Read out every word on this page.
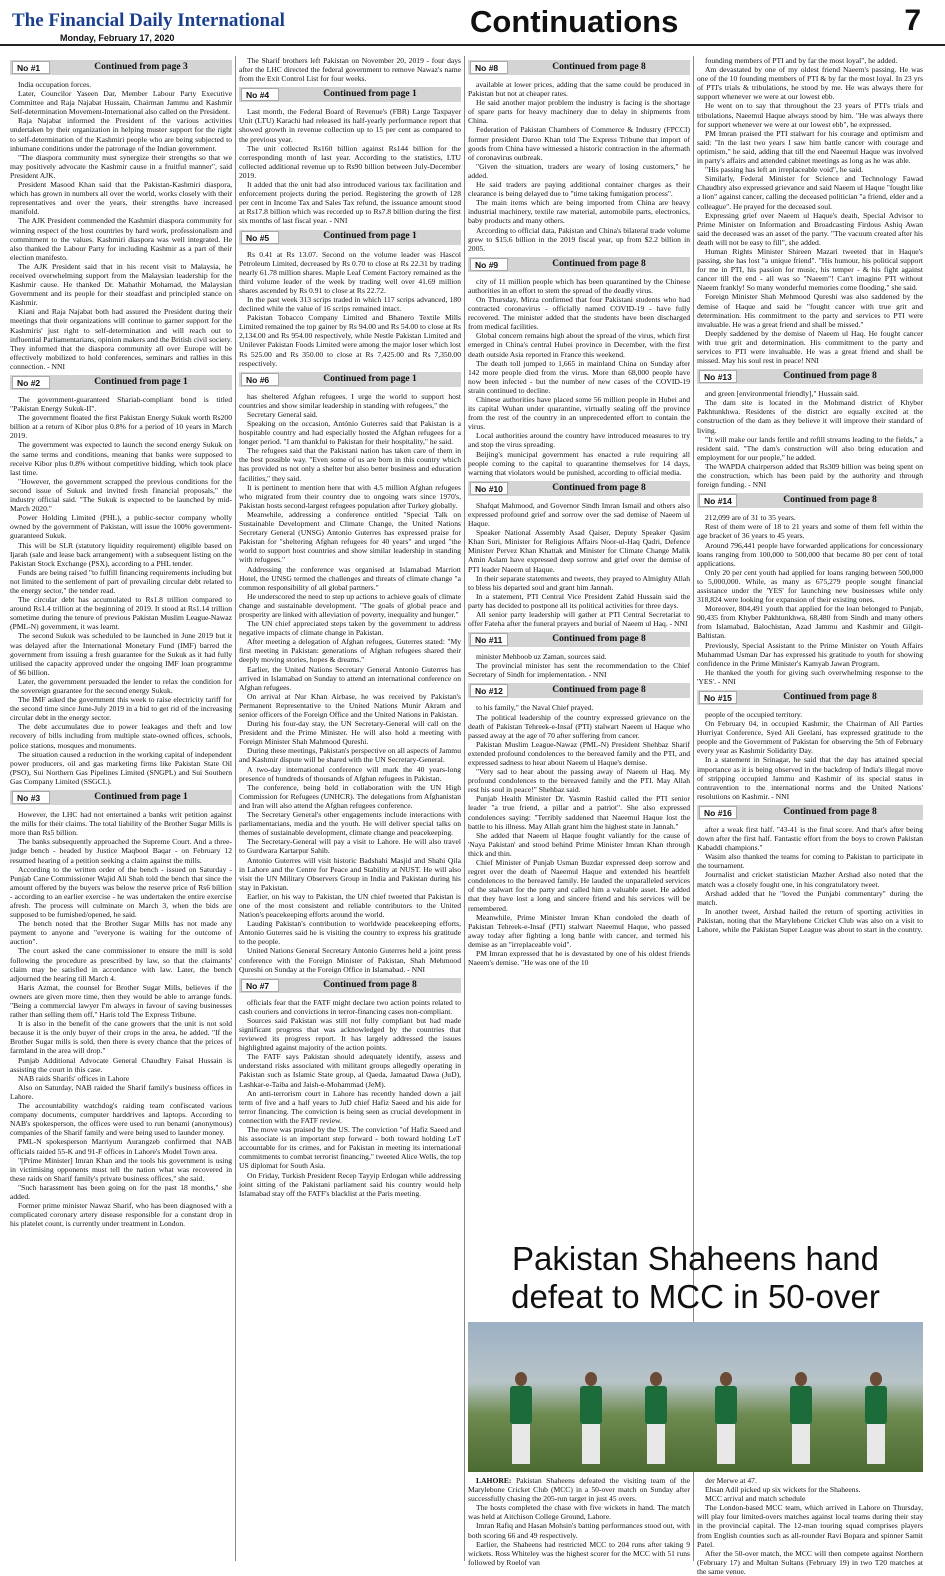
The Financial Daily International
Monday, February 17, 2020	Continuations	7
No #1	Continued from page 3

India occupation forces.

Later, Councilor Yaseen Dar, Member Labour Party Executive Committee and Raja Najabat Hussain, Chairman Jammu and Kashmir Self-determination Movement-International also called on the President.

Raja Najabat informed the President of the various activities undertaken by their organization in helping muster support for the right to self-determination of the Kashmiri people who are being subjected to inhumane conditions under the patronage of the Indian government.

"The diaspora community must synergize their strengths so that we may positively advocate the Kashmir cause in a fruitful manner", said President AJK.

President Masood Khan said that the Pakistan-Kashmiri diaspora, which has grown in numbers all over the world, works closely with their representatives and over the years, their strengths have increased manifold.

The AJK President commended the Kashmiri diaspora community for winning respect of the host countries by hard work, professionalism and commitment to the values. Kashmiri diaspora was well integrated. He also thanked the Labour Party for including Kashmir as a part of their election manifesto.

The AJK President said that in his recent visit to Malaysia, he received overwhelming support from the Malaysian leadership for the Kashmir cause. He thanked Dr. Mahathir Mohamad, the Malaysian Government and its people for their steadfast and principled stance on Kashmir.

Kiani and Raja Najabat both had assured the President during their meetings that their organizations will continue to garner support for the Kashmiris' just right to self-determination and will reach out to influential Parliamentarians, opinion makers and the British civil society. They informed that the diaspora community all over Europe will be effectively mobilized to hold conferences, seminars and rallies in this connection. - NNI

No #2	Continued from page 1

The government-guaranteed Shariah-compliant bond is titled "Pakistan Energy Sukuk-II".

The government floated the first Pakistan Energy Sukuk worth Rs200 billion at a return of Kibor plus 0.8% for a period of 10 years in March 2019.

The government was expected to launch the second energy Sukuk on the same terms and conditions, meaning that banks were supposed to receive Kibor plus 0.8% without competitive bidding, which took place last time.

"However, the government scrapped the previous conditions for the second issue of Sukuk and invited fresh financial proposals," the industry official said. "The Sukuk is expected to be launched by mid-March 2020."

Power Holding Limited (PHL), a public-sector company wholly owned by the government of Pakistan, will issue the 100% government-guaranteed Sukuk.

This will be SLR (statutory liquidity requirement) eligible based on Ijarah (sale and lease back arrangement) with a subsequent listing on the Pakistan Stock Exchange (PSX), according to a PHL tender.

Funds are being raised "to fulfill financing requirements including but not limited to the settlement of part of prevailing circular debt related to the energy sector," the tender read.

The circular debt has accumulated to Rs1.8 trillion compared to around Rs1.4 trillion at the beginning of 2019. It stood at Rs1.14 trillion sometime during the tenure of previous Pakistan Muslim League-Nawaz (PML-N) government, it was learnt.

The second Sukuk was scheduled to be launched in June 2019 but it was delayed after the International Monetary Fund (IMF) barred the government from issuing a fresh guarantee for the Sukuk as it had fully utilised the capacity approved under the ongoing IMF loan programme of $6 billion.

Later, the government persuaded the lender to relax the condition for the sovereign guarantee for the second energy Sukuk.

The IMF asked the government this week to raise electricity tariff for the second time since June-July 2019 in a bid to get rid of the increasing circular debt in the energy sector.

The debt accumulates due to power leakages and theft and low recovery of bills including from multiple state-owned offices, schools, police stations, mosques and monuments.

The situation caused a reduction in the working capital of independent power producers, oil and gas marketing firms like Pakistan State Oil (PSO), Sui Northern Gas Pipelines Limited (SNGPL) and Sui Southern Gas Company Limited (SSGCL).

No #3	Continued from page 1

However, the LHC had not entertained a banks writ petition against the mills for their claims. The total liability of the Brother Sugar Mills is more than Rs5 billion.

The banks subsequently approached the Supreme Court. And a three-judge bench - headed by Justice Maqbool Baqar - on February 12 resumed hearing of a petition seeking a claim against the mills.

According to the written order of the bench - issued on Saturday - Punjab Cane Commissioner Wajid Ali Shah told the bench that since the amount offered by the buyers was below the reserve price of Rs6 billion - according to an earlier exercise - he was undertaken the entire exercise afresh. The process will culminate on March 3, when the bids are supposed to be furnished/opened, he said.

The bench noted that the Brother Sugar Mills has not made any payment to anyone and "everyone is waiting for the outcome of auction".

The court asked the cane commissioner to ensure the mill is sold following the procedure as prescribed by law, so that the claimants' claim may be satisfied in accordance with law. Later, the bench adjourned the hearing till March 4.

Haris Azmat, the counsel for Brother Sugar Mills, believes if the owners are given more time, then they would be able to arrange funds. "Being a commercial lawyer I'm always in favour of saving businesses rather than selling them off," Haris told The Express Tribune.

It is also in the benefit of the cane growers that the unit is not sold because it is the only buyer of their crops in the area, he added. "If the Brother Sugar mills is sold, then there is every chance that the prices of farmland in the area will drop."

Punjab Additional Advocate General Chaudhry Faisal Hussain is assisting the court in this case.

NAB raids Sharifs' offices in Lahore

Also on Saturday, NAB raided the Sharif family's business offices in Lahore.

The accountability watchdog's raiding team confiscated various company documents, computer harddrives and laptops. According to NAB's spokesperson, the offices were used to run benami (anonymous) companies of the Sharif family and were being used to launder money.

PML-N spokesperson Marriyum Aurangzeb confirmed that NAB officials raided 55-K and 91-F offices in Lahore's Model Town area.

"[Prime Minister] Imran Khan and the tools his government is using in victimising opponents must tell the nation what was recovered in these raids on Sharif family's private business offices," she said.

"Such harassment has been going on for the past 18 months," she added.

Former prime minister Nawaz Sharif, who has been diagnosed with a complicated coronary artery disease responsible for a constant drop in his platelet count, is currently under treatment in London.

The Sharif brothers left Pakistan on November 20, 2019 - four days after the LHC directed the federal government to remove Nawaz's name from the Exit Control List for four weeks.

No #4	Continued from page 1

Last month, the Federal Board of Revenue's (FBR) Large Taxpayer Unit (LTU) Karachi had released its half-yearly performance report that showed growth in revenue collection up to 15 per cent as compared to the previous year.

The unit collected Rs160 billion against Rs144 billion for the corresponding month of last year. According to the statistics, LTU collected additional revenue up to Rs90 billion between July-December 2019.

It added that the unit had also introduced various tax facilitation and enforcement projects during the period. Registering the growth of 128 per cent in Income Tax and Sales Tax refund, the issuance amount stood at Rs17.8 billion which was recorded up to Rs7.8 billion during the first six months of last fiscal year. - NNI

No #5	Continued from page 1

Rs 0.41 at Rs 13.07. Second on the volume leader was Hascol Petroleum Limited, decreased by Rs 0.70 to close at Rs 22.31 by trading nearly 61.78 million shares. Maple Leaf Cement Factory remained as the third volume leader of the week by trading well over 41.69 million shares ascended by Rs 0.91 to close at Rs 22.72.

In the past week 313 scrips traded in which 117 scrips advanced, 180 declined while the value of 16 scrips remained intact.

Pakistan Tobacco Company Limited and Bhanero Textile Mills Limited remained the top gainer by Rs 94.00 and Rs 54.00 to close at Rs 2,134.00 and Rs 954.00 respectively, while Nestle Pakistan Limited and Unilever Pakistan Foods Limited were among the major loser which lost Rs 525.00 and Rs 350.00 to close at Rs 7,425.00 and Rs 7,350.00 respectively.

No #6	Continued from page 1

has sheltered Afghan refugees. I urge the world to support host countries and show similar leadership in standing with refugees," the

Secretary General said.

Speaking on the occasion, António Guterres said that Pakistan is a hospitable country and had especially hosted the Afghan refugees for a longer period. "I am thankful to Pakistan for their hospitality," he said.

The refugees said that the Pakistani nation has taken care of them in the best possible way. "Even some of us are born in this country which has provided us not only a shelter but also better business and education facilities," they said.

It is pertinent to mention here that with 4.5 million Afghan refugees who migrated from their country due to ongoing wars since 1970's, Pakistan hosts second-largest refugees population after Turkey globally.

Meanwhile, addressing a conference entitled "Special Talk on Sustainable Development and Climate Change, the United Nations Secretary General (UNSG) Antonio Guterres has expressed praise for Pakistan for "sheltering Afghan refugees for 40 years" and urged "the world to support host countries and show similar leadership in standing with refugees."

Addressing the conference was organised at Islamabad Marriott Hotel, the UNSG termed the challenges and threats of climate change "a common responsibility of all global partners."

He underscored the need to step up actions to achieve goals of climate change and sustainable development. "The goals of global peace and prosperity are linked with alleviation of poverty, inequality and hunger."

The UN chief appreciated steps taken by the government to address negative impacts of climate change in Pakistan.

After meeting a delegation of Afghan refugees, Guterres stated: "My first meeting in Pakistan: generations of Afghan refugees shared their deeply moving stories, hopes & dreams."

Earlier, the United Nations Secretary General Antonio Guterres has arrived in Islamabad on Sunday to attend an international conference on Afghan refugees.

On arrival at Nur Khan Airbase, he was received by Pakistan's Permanent Representative to the United Nations Munir Akram and senior officers of the Foreign Office and the United Nations in Pakistan.

During his four-day stay, the UN Secretary-General will call on the President and the Prime Minister. He will also hold a meeting with Foreign Minister Shah Mahmood Qureshi.

During these meetings, Pakistan's perspective on all aspects of Jammu and Kashmir dispute will be shared with the UN Secretary-General.

A two-day international conference will mark the 40 years-long presence of hundreds of thousands of Afghan refugees in Pakistan.

The conference, being held in collaboration with the UN High Commission for Refugees (UNHCR). The delegations from Afghanistan and Iran will also attend the Afghan refugees conference.

The Secretary General's other engagements include interactions with parliamentarians, media and the youth. He will deliver special talks on themes of sustainable development, climate change and peacekeeping.

The Secretary-General will pay a visit to Lahore. He will also travel to Gurdwara Kartarpur Sahib.

Antonio Guterres will visit historic Badshahi Masjid and Shahi Qila in Lahore and the Centre for Peace and Stability at NUST. He will also visit the UN Military Observers Group in India and Pakistan during his stay in Pakistan.

Earlier, on his way to Pakistan, the UN chief tweeted that Pakistan is one of the most consistent and reliable contributors to the United Nation's peacekeeping efforts around the world.

Lauding Pakistan's contribution to worldwide peacekeeping efforts, Antonio Guterres said he is visiting the country to express his gratitude to the people.

United Nations General Secretary Antonio Guterres held a joint press conference with the Foreign Minister of Pakistan, Shah Mehmood Qureshi on Sunday at the Foreign Office in Islamabad. - NNI

No #7	Continued from page 8

officials fear that the FATF might declare two action points related to cash couriers and convictions in terror-financing cases non-compliant.

Sources said Pakistan was still not fully compliant but had made significant progress that was acknowledged by the countries that reviewed its progress report. It has largely addressed the issues highlighted against majority of the action points.

The FATF says Pakistan should adequately identify, assess and understand risks associated with militant groups allegedly operating in Pakistan such as Islamic State group, al Qaeda, Jamaatud Dawa (JuD), Lashkar-e-Taiba and Jaish-e-Mohammad (JeM).

An anti-terrorism court in Lahore has recently handed down a jail term of five and a half years to JuD chief Hafiz Saeed and his aide for terror financing. The conviction is being seen as crucial development in connection with the FATF review.

The move was praised by the US. The conviction "of Hafiz Saeed and his associate is an important step forward - both toward holding LeT accountable for its crimes, and for Pakistan in meeting its international commitments to combat terrorist financing," tweeted Alice Wells, the top US diplomat for South Asia.

On Friday, Turkish President Recep Tayyip Erdogan while addressing joint sitting of the Pakistani parliament said his country would help Islamabad stay off the FATF's blacklist at the Paris meeting.

No #8	Continued from page 8

available at lower prices, adding that the same could be produced in Pakistan but not at cheaper rates.

He said another major problem the industry is facing is the shortage of spare parts for heavy machinery due to delay in shipments from China.

Federation of Pakistan Chambers of Commerce & Industry (FPCCI) former president Daroo Khan told The Express Tribune that import of goods from China have witnessed a historic contraction in the aftermath of coronavirus outbreak.

"Given the situation, traders are weary of losing customers," he added.

He said traders are paying additional container charges as their clearance is being delayed due to "time taking fumigation process".

The main items which are being imported from China are heavy industrial machinery, textile raw material, automobile parts, electronics, baby products and many others.

According to official data, Pakistan and China's bilateral trade volume grew to $15.6 billion in the 2019 fiscal year, up from $2.2 billion in 2005.

No #9	Continued from page 8

city of 11 million people which has been quarantined by the Chinese authorities in an effort to stem the spread of the deadly virus.

On Thursday, Mirza confirmed that four Pakistani students who had contracted coronavirus - officially named COVID-19 - have fully recovered. The minister added that the students have been discharged from medical facilities.

Global concern remains high about the spread of the virus, which first emerged in China's central Hubei province in December, with the first death outside Asia reported in France this weekend.

The death toll jumped to 1,665 in mainland China on Sunday after 142 more people died from the virus. More than 68,000 people have now been infected - but the number of new cases of the COVID-19 strain continued to decline.

Chinese authorities have placed some 56 million people in Hubei and its capital Wuhan under quarantine, virtually sealing off the province from the rest of the country in an unprecedented effort to contain the virus.

Local authorities around the country have introduced measures to try and stop the virus spreading.

Beijing's municipal government has enacted a rule requiring all people coming to the capital to quarantine themselves for 14 days, warning that violators would be punished, according to official media.

No #10	Continued from page 8

Shafqat Mahmood, and Governor Sindh Imran Ismail and others also expressed profound grief and sorrow over the sad demise of Naeem ul Haque.

Speaker National Assembly Asad Qaiser, Deputy Speaker Qasim Khan Suri, Minister for Religious Affairs Noor-ul-Haq Qadri, Defence Minister Pervez Khan Khattak and Minister for Climate Change Malik Amin Aslam have expressed deep sorrow and grief over the demise of PTI leader Naeem ul Haque.

In their separate statements and tweets, they prayed to Almighty Allah to bless his departed soul and grant him Jannah.

In a statement, PTI Central Vice President Zahid Hussain said the party has decided to postpone all its political activities for three days.

All senior party leadership will gather at PTI Central Secretariat to offer Fateha after the funeral prayers and burial of Naeem ul Haq. - NNI

No #11	Continued from page 8

minister Mehboob uz Zaman, sources said.

The provincial minister has sent the recommendation to the Chief Secretary of Sindh for implementation. - NNI

No #12	Continued from page 8

to his family," the Naval Chief prayed.

The political leadership of the country expressed grievance on the death of Pakistan Tehreek-e-Insaf (PTI) stalwart Naeem ul Haque who passed away at the age of 70 after suffering from cancer.

Pakistan Muslim League-Nawaz (PML-N) President Shehbaz Sharif extended profound condolences to the bereaved family and the PTI, and expressed sadness to hear about Naeem ul Haque's demise.

"Very sad to hear about the passing away of Naeem ul Haq. My profound condolences to the bereaved family and the PTI. May Allah rest his soul in peace!" Shehbaz said.

Punjab Health Minister Dr. Yasmin Rashid called the PTI senior leader "a true friend, a pillar and a patriot". She also expressed condolences saying: "Terribly saddened that Naeemul Haque lost the battle to his illness. May Allah grant him the highest state in Jannah."

She added that Naeem ul Haque fought valiantly for the cause of 'Naya Pakistan' and stood behind Prime Minister Imran Khan through thick and thin.

Chief Minister of Punjab Usman Buzdar expressed deep sorrow and regret over the death of Naeemul Haque and extended his heartfelt condolences to the bereaved family. He lauded the unparalleled services of the stalwart for the party and called him a valuable asset. He added that they have lost a long and sincere friend and his services will be remembered.

Meanwhile, Prime Minister Imran Khan condoled the death of Pakistan Tehreek-e-Insaf (PTI) stalwart Naeemul Haque, who passed away today after fighting a long battle with cancer, and termed his demise as an "irreplaceable void".

PM Imran expressed that he is devastated by one of his oldest friends Naeem's demise. "He was one of the 10

founding members of PTI and by far the most loyal", he added.

Am devastated by one of my oldest friend Naeem's passing. He was one of the 10 founding members of PTI & by far the most loyal. In 23 yrs of PTI's trials & tribulations, he stood by me. He was always there for support whenever we were at our lowest ebb.

He went on to say that throughout the 23 years of PTI's trials and tribulations, Naeemul Haque always stood by him. "He was always there for support whenever we were at our lowest ebb", he expressed.

PM Imran praised the PTI stalwart for his courage and optimism and said: "In the last two years I saw him battle cancer with courage and optimism," he said, adding that till the end Naeemul Haque was involved in party's affairs and attended cabinet meetings as long as he was able.

"His passing has left an irreplaceable void", he said.

Similarly, Federal Minister for Science and Technology Fawad Chaudhry also expressed grievance and said Naeem ul Haque "fought like a lion" against cancer, calling the deceased politician "a friend, elder and a colleague". He prayed for the deceased soul.

Expressing grief over Naeem ul Haque's death, Special Advisor to Prime Minister on Information and Broadcasting Firdous Ashiq Awan said the deceased was an asset of the party. "The vacuum created after his death will not be easy to fill", she added.

Human Rights Minister Shireen Mazari tweeted that in Haque's passing, she has lost "a unique friend". "His humour, his political support for me in PTI, his passion for music, his temper - & his fight against cancer till the end - all was so "Naeem"! Can't imagine PTI without Naeem frankly! So many wonderful memories come flooding," she said.

Foreign Minister Shah Mehmood Qureshi was also saddened by the demise of Haque and said he "fought cancer with true grit and determination. His commitment to the party and services to PTI were invaluable. He was a great friend and shall be missed."

Deeply saddened by the demise of Naeem ul Haq. He fought cancer with true grit and determination. His commitment to the party and services to PTI were invaluable. He was a great friend and shall be missed. May his soul rest in peace! NNI

No #13	Continued from page 8

and green [environmental friendly]," Hussain said.

The dam site is located in the Mohmand district of Khyber Pakhtunkhwa. Residents of the district are equally excited at the construction of the dam as they believe it will improve their standard of living.

"It will make our lands fertile and refill streams leading to the fields," a resident said. "The dam's construction will also bring education and employment for our people," he added.

The WAPDA chairperson added that Rs309 billion was being spent on the construction, which has been paid by the authority and through foreign funding. - NNI

No #14	Continued from page 8

212,099 are of 31 to 35 years.

Rest of them were of 18 to 21 years and some of them fell within the age bracket of 36 years to 45 years.

Around 796,441 people have forwarded applications for concessionary loans ranging from 100,000 to 500,000 that became 80 per cent of total applications.

Only 20 per cent youth had applied for loans ranging between 500,000 to 5,000,000. While, as many as 675,279 people sought financial assistance under the 'YES' for launching new businesses while only 318,824 were looking for expansion of their existing ones.

Moreover, 804,491 youth that applied for the loan belonged to Punjab, 90,435 from Khyber Pakhtunkhwa, 68,480 from Sindh and many others from Islamabad, Balochistan, Azad Jammu and Kashmir and Gilgit-Baltistan.

Previously, Special Assistant to the Prime Minister on Youth Affairs Muhammad Usman Dar has expressed his gratitude to youth for showing confidence in the Prime Minister's Kamyab Jawan Program.

He thanked the youth for giving such overwhelming response to the 'YES'. - NNI

No #15	Continued from page 8

people of the occupied territory.

On February 04, in occupied Kashmir, the Chairman of All Parties Hurriyat Conference, Syed Ali Geelani, has expressed gratitude to the people and the Government of Pakistan for observing the 5th of February every year as Kashmir Solidarity Day.

In a statement in Srinagar, he said that the day has attained special importance as it is being observed in the backdrop of India's illegal move of stripping occupied Jammu and Kashmir of its special status in contravention to the international norms and the United Nations' resolutions on Kashmir. - NNI

No #16	Continued from page 8

after a weak first half. "43-41 is the final score. And that's after being down after the first half. Fantastic effort from the boys to crown Pakistan Kabaddi champions."

Wasim also thanked the teams for coming to Pakistan to participate in the tournament.

Journalist and cricket statistician Mazher Arshad also noted that the match was a closely fought one, in his congratulatory tweet.

Arshad added that he "loved the Punjabi commentary" during the match.

In another tweet, Arshad hailed the return of sporting activities in Pakistan, noting that the Marylebone Cricket Club was also on a visit to Lahore, while the Pakistan Super League was about to start in the country.

Pakistan Shaheens hand defeat to MCC in 50-over

LAHORE: Pakistan Shaheens defeated the visiting team of the Marylebone Cricket Club (MCC) in a 50-over match on Sunday after successfully chasing the 205-run target in just 45 overs.

The hosts completed the chase with five wickets in hand. The match was held at Aitchison College Ground, Lahore.

Imran Rafiq and Hasan Mohsin's batting performances stood out, with both scoring 66 and 49 respectively.

Earlier, the Shaheens had restricted MCC to 204 runs after taking 9 wickets. Ross Whiteley was the highest scorer for the MCC with 51 runs followed by Roelof van

der Merwe at 47.

Ehsan Adil picked up six wickets for the Shaheens.

MCC arrival and match schedule

The London-based MCC team, which arrived in Lahore on Thursday, will play four limited-overs matches against local teams during their stay in the provincial capital. The 12-man touring squad comprises players from English counties such as all-rounder Ravi Bopara and spinner Samit Patel.

After the 50-over match, the MCC will then compete against Northern (February 17) and Multan Sultans (February 19) in two T20 matches at the same venue.
